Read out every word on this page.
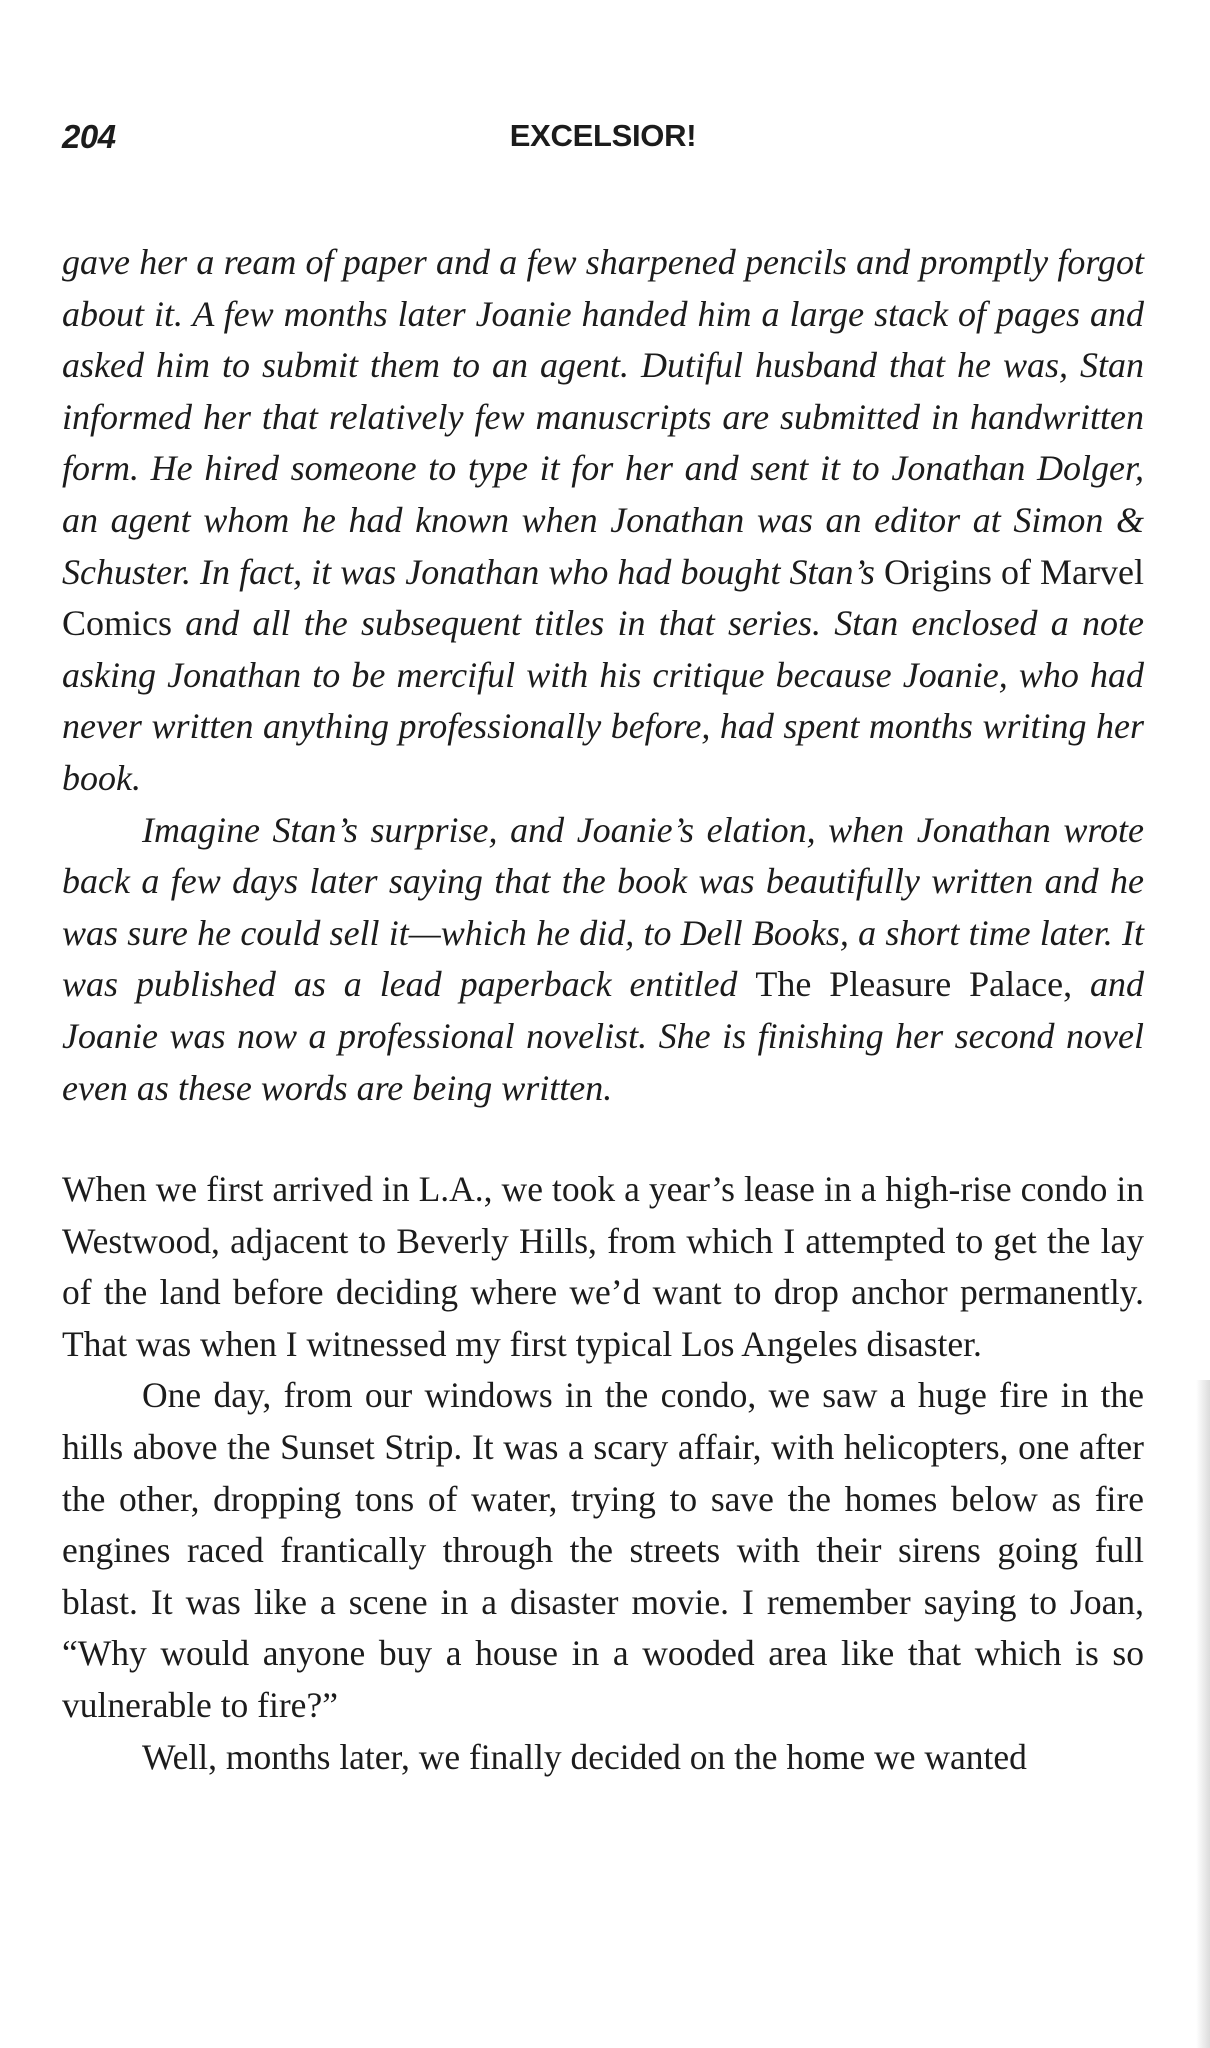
204	EXCELSIOR!

gave her a ream of paper and a few sharpened pencils and promptly forgot about it. A few months later Joanie handed him a large stack of pages and asked him to submit them to an agent. Dutiful husband that he was, Stan informed her that relatively few manuscripts are submitted in handwritten form. He hired someone to type it for her and sent it to Jonathan Dolger, an agent whom he had known when Jonathan was an editor at Simon & Schuster. In fact, it was Jonathan who had bought Stan’s Origins of Marvel Comics and all the subsequent titles in that series. Stan enclosed a note asking Jonathan to be merciful with his critique because Joanie, who had never written anything professionally before, had spent months writing her book.

Imagine Stan’s surprise, and Joanie’s elation, when Jonathan wrote back a few days later saying that the book was beautifully written and he was sure he could sell it—which he did, to Dell Books, a short time later. It was published as a lead paperback entitled The Pleasure Palace, and Joanie was now a professional novelist. She is finishing her second novel even as these words are being written.

When we first arrived in L.A., we took a year’s lease in a high-rise condo in Westwood, adjacent to Beverly Hills, from which I attempted to get the lay of the land before deciding where we’d want to drop anchor permanently. That was when I witnessed my first typical Los Angeles disaster.

One day, from our windows in the condo, we saw a huge fire in the hills above the Sunset Strip. It was a scary affair, with helicopters, one after the other, dropping tons of water, trying to save the homes below as fire engines raced frantically through the streets with their sirens going full blast. It was like a scene in a disaster movie. I remember saying to Joan, “Why would anyone buy a house in a wooded area like that which is so vulnerable to fire?”

Well, months later, we finally decided on the home we wanted
